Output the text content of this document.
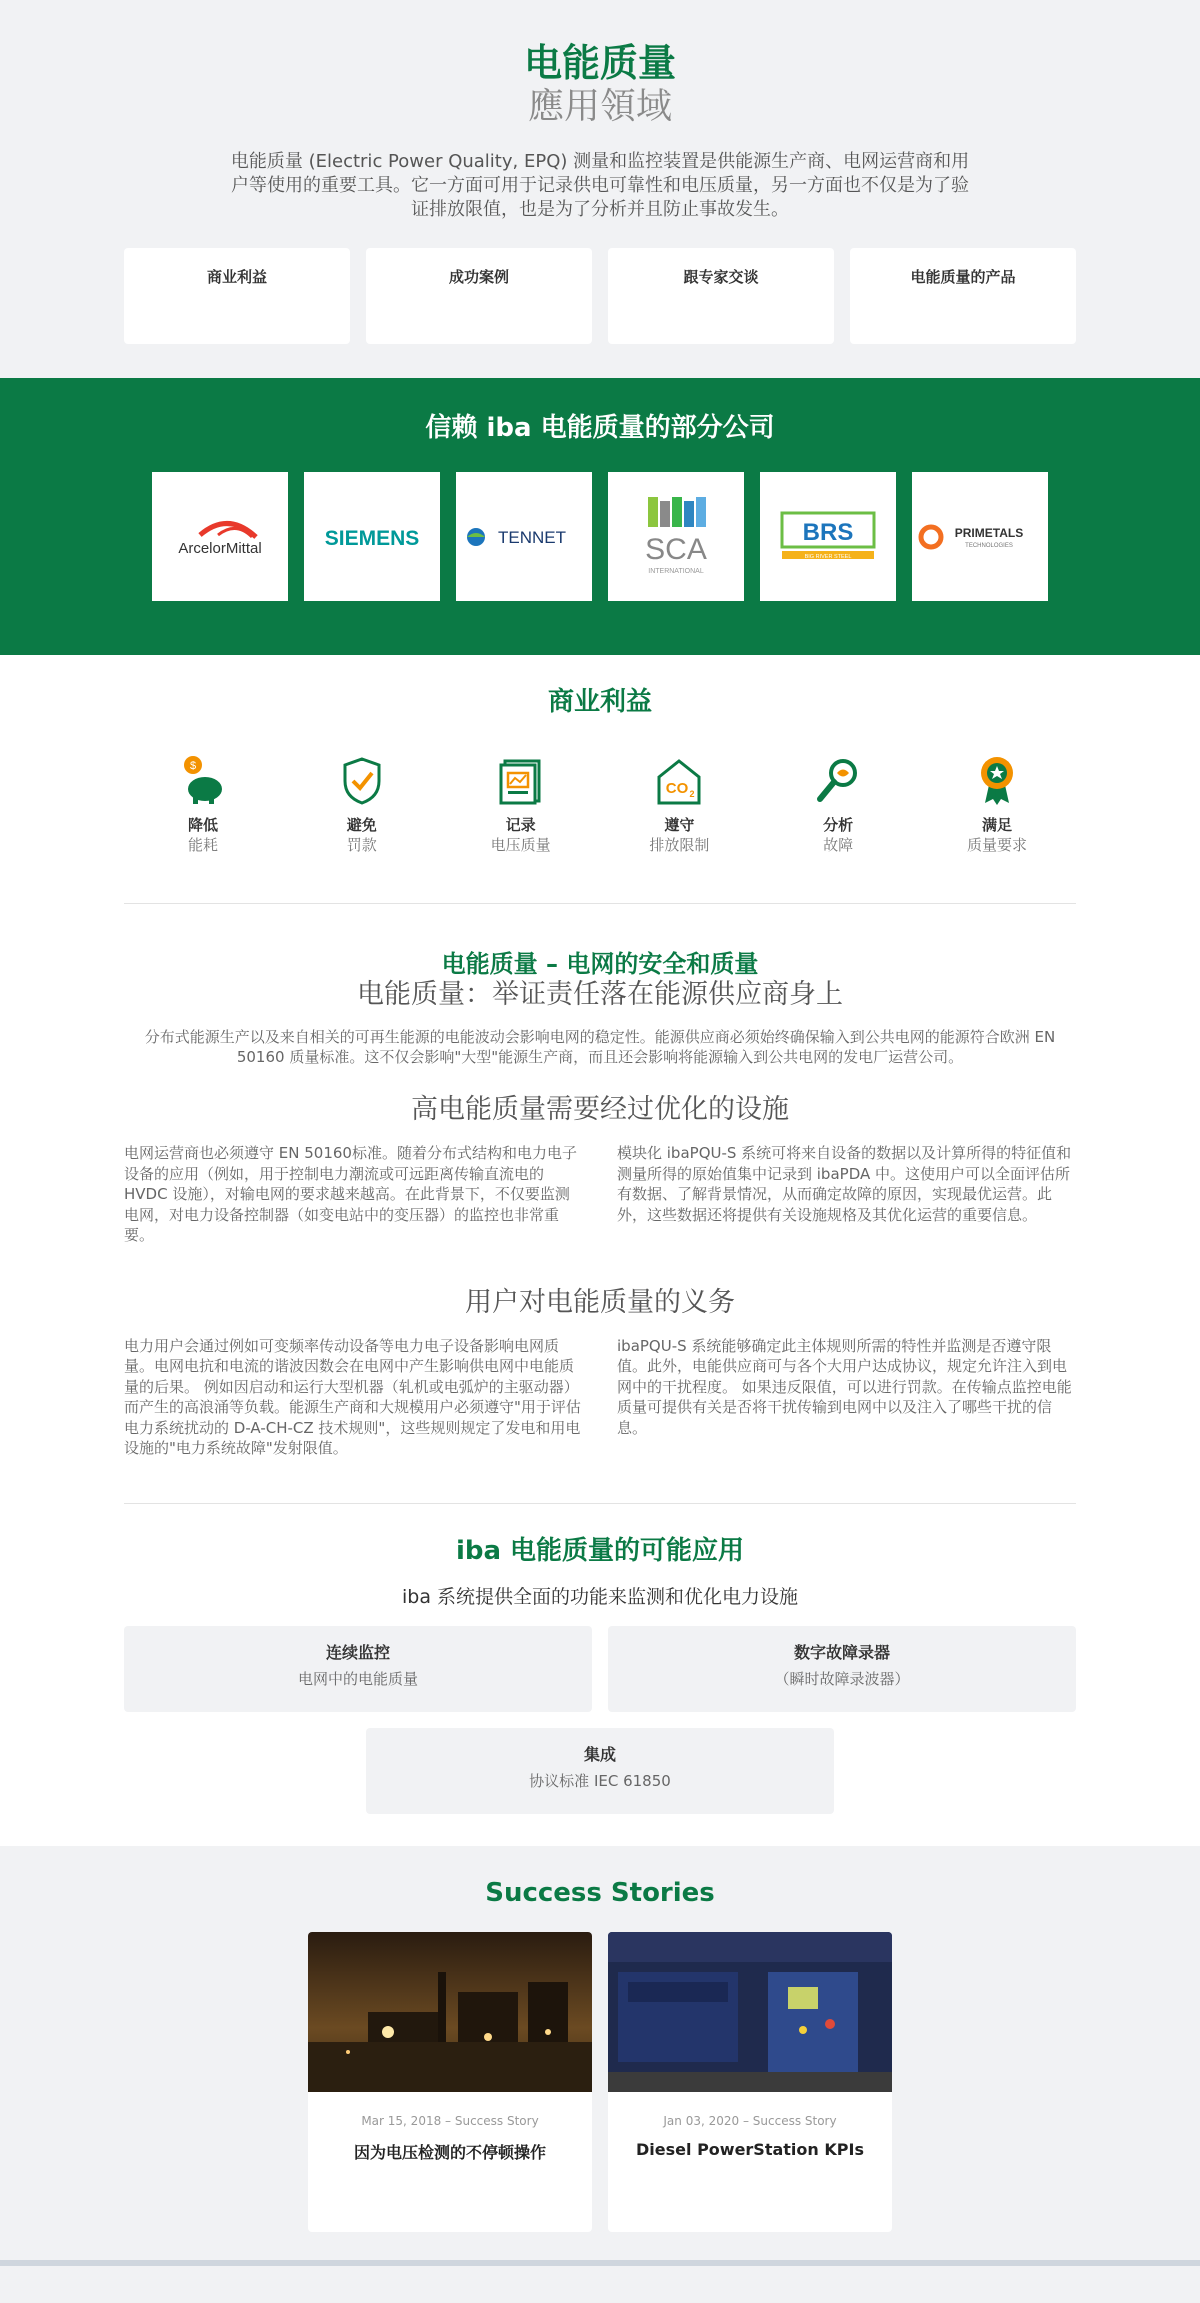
电能质量
應用領域

电能质量 (Electric Power Quality, EPQ) 测量和监控装置是供能源生产商、电网运营商和用户等使用的重要工具。它一方面可用于记录供电可靠性和电压质量，另一方面也不仅是为了验证排放限值，也是为了分析并且防止事故发生。

商业利益	成功案例	跟专家交谈	电能质量的产品
信赖 iba 电能质量的部分公司
ArcelorMittal	SIEMENS	TENNET	SCA
INTERNATIONAL
BRS
BIG RIVER STEEL
PRIMETALS
TECHNOLOGIES
商业利益
$
降低
能耗
避免
罚款
记录
电压质量
CO 2
遵守
排放限制
分析
故障
满足
质量要求
电能质量 – 电网的安全和质量
电能质量：举证责任落在能源供应商身上

分布式能源生产以及来自相关的可再生能源的电能波动会影响电网的稳定性。能源供应商必须始终确保输入到公共电网的能源符合欧洲 EN 50160 质量标准。这不仅会影响"大型"能源生产商，而且还会影响将能源输入到公共电网的发电厂运营公司。

高电能质量需要经过优化的设施

电网运营商也必须遵守 EN 50160标准。随着分布式结构和电力电子设备的应用（例如，用于控制电力潮流或可远距离传输直流电的 HVDC 设施），对输电网的要求越来越高。在此背景下，不仅要监测电网，对电力设备控制器（如变电站中的变压器）的监控也非常重要。

模块化 ibaPQU-S 系统可将来自设备的数据以及计算所得的特征值和测量所得的原始值集中记录到 ibaPDA 中。这使用户可以全面评估所有数据、了解背景情况，从而确定故障的原因，实现最优运营。此外，这些数据还将提供有关设施规格及其优化运营的重要信息。

用户对电能质量的义务

电力用户会通过例如可变频率传动设备等电力电子设备影响电网质量。电网电抗和电流的谐波因数会在电网中产生影响供电网中电能质量的后果。 例如因启动和运行大型机器（轧机或电弧炉的主驱动器）而产生的高浪涌等负载。能源生产商和大规模用户必须遵守"用于评估电力系统扰动的 D-A-CH-CZ 技术规则"，这些规则规定了发电和用电设施的"电力系统故障"发射限值。

ibaPQU-S 系统能够确定此主体规则所需的特性并监测是否遵守限值。此外，电能供应商可与各个大用户达成协议，规定允许注入到电网中的干扰程度。 如果违反限值，可以进行罚款。在传输点监控电能质量可提供有关是否将干扰传输到电网中以及注入了哪些干扰的信息。

iba 电能质量的可能应用
iba 系统提供全面的功能来监测和优化电力设施
连续监控
电网中的电能质量
数字故障录器
（瞬时故障录波器）
集成
协议标准 IEC 61850
Success Stories
Mar 15, 2018 – Success Story
因为电压检测的不停顿操作
Jan 03, 2020 – Success Story
Diesel PowerStation KPIs
